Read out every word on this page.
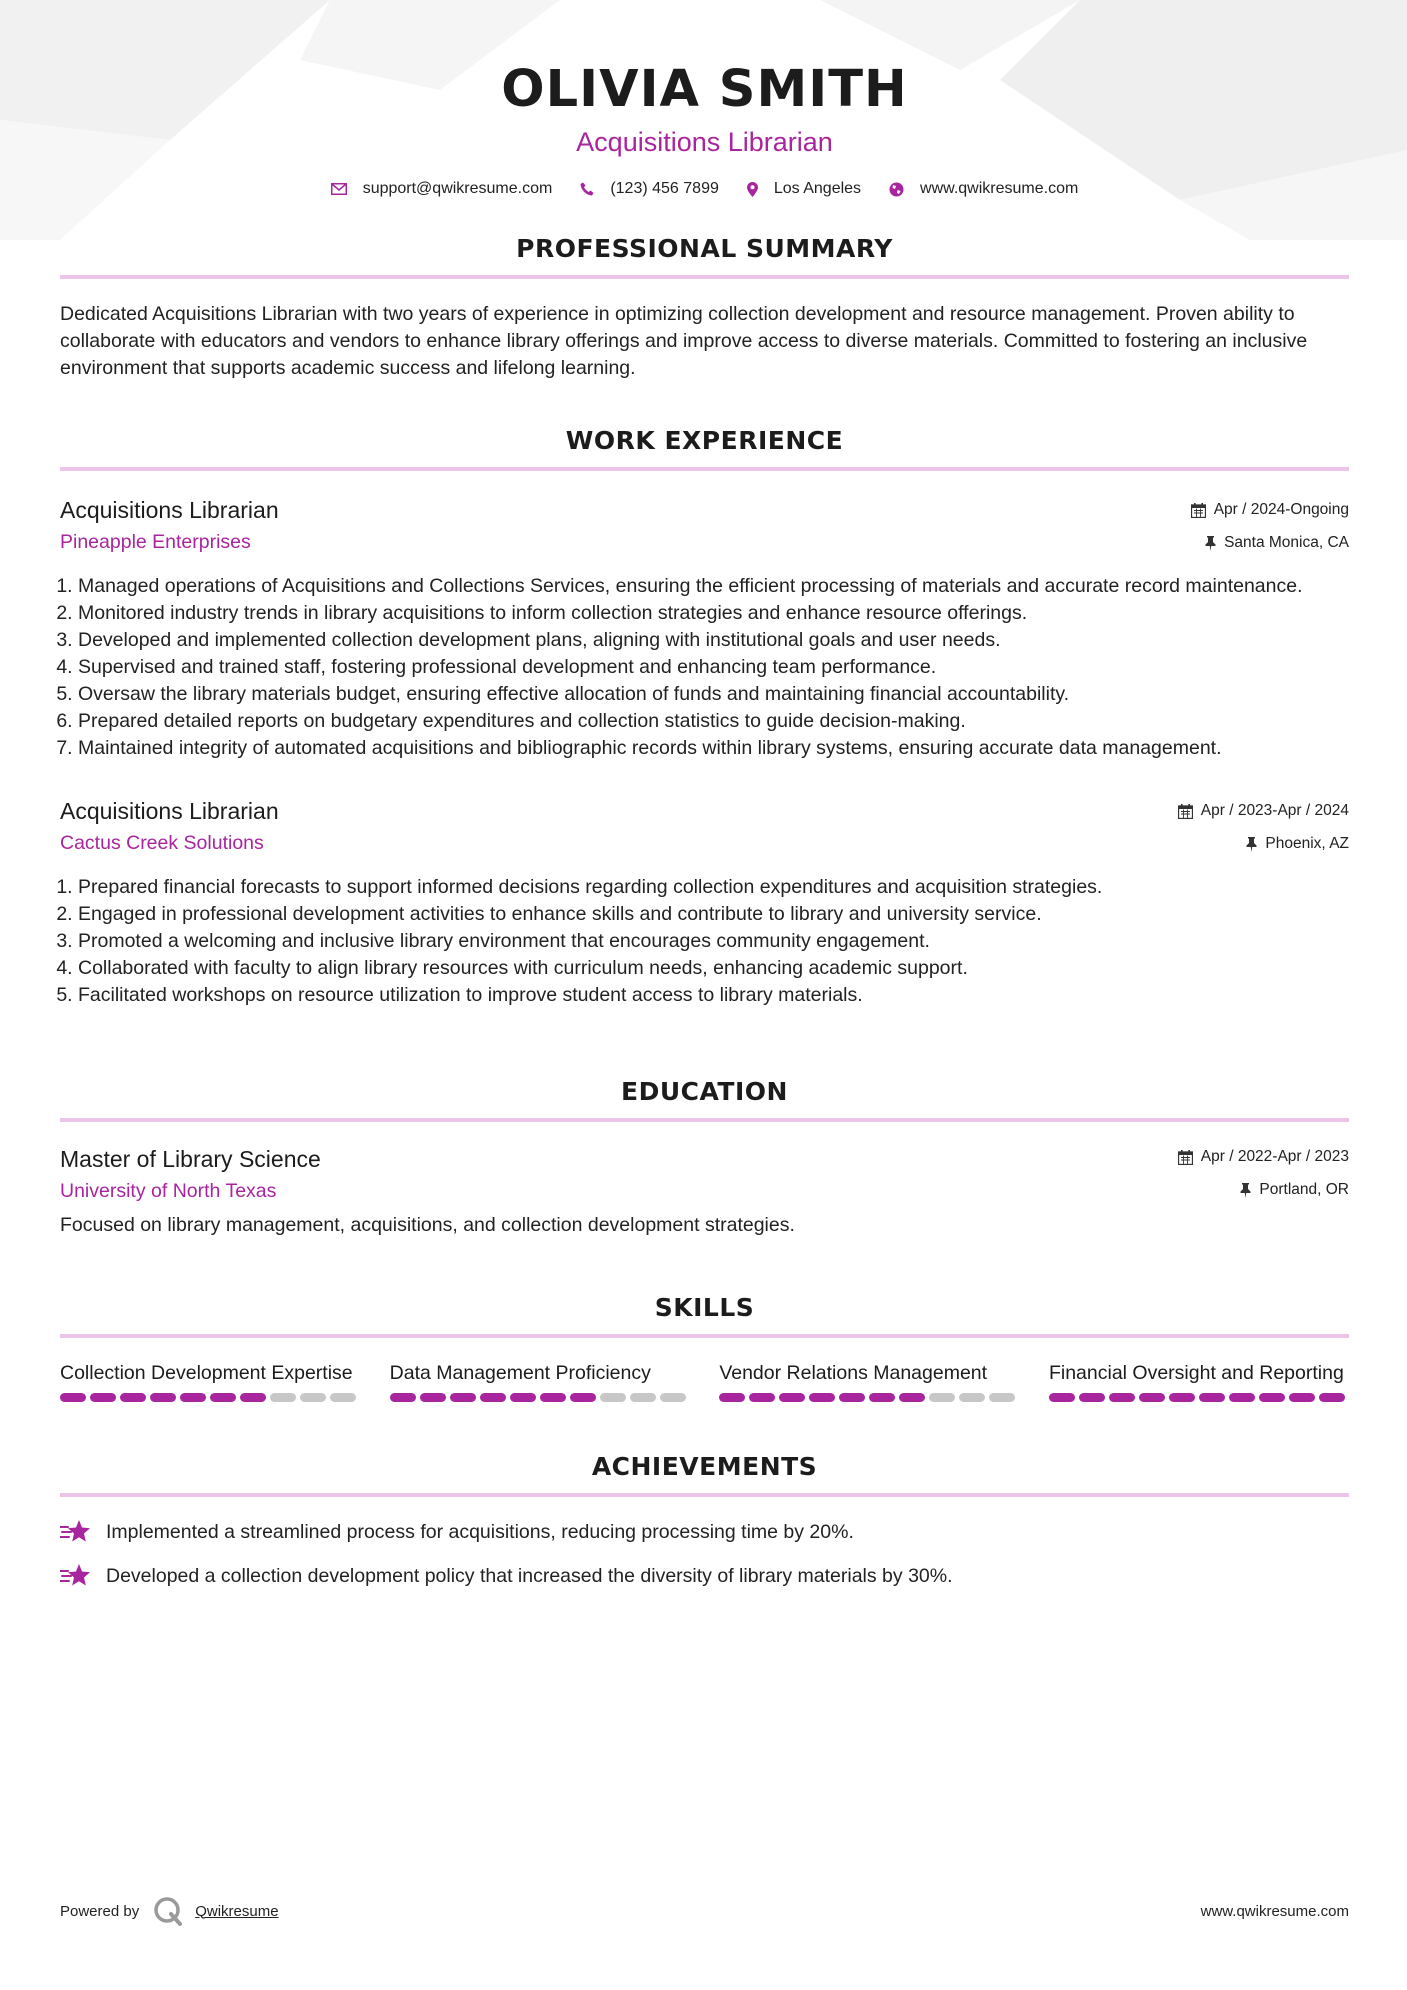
OLIVIA SMITH
Acquisitions Librarian
support@qwikresume.com	(123) 456 7899	Los Angeles	www.qwikresume.com
PROFESSIONAL SUMMARY
Dedicated Acquisitions Librarian with two years of experience in optimizing collection development and resource management. Proven ability to collaborate with educators and vendors to enhance library offerings and improve access to diverse materials. Committed to fostering an inclusive environment that supports academic success and lifelong learning.
WORK EXPERIENCE
Acquisitions Librarian
Pineapple Enterprises
Apr / 2024-Ongoing
Santa Monica, CA
1. Managed operations of Acquisitions and Collections Services, ensuring the efficient processing of materials and accurate record maintenance.
2. Monitored industry trends in library acquisitions to inform collection strategies and enhance resource offerings.
3. Developed and implemented collection development plans, aligning with institutional goals and user needs.
4. Supervised and trained staff, fostering professional development and enhancing team performance.
5. Oversaw the library materials budget, ensuring effective allocation of funds and maintaining financial accountability.
6. Prepared detailed reports on budgetary expenditures and collection statistics to guide decision-making.
7. Maintained integrity of automated acquisitions and bibliographic records within library systems, ensuring accurate data management.
Acquisitions Librarian
Cactus Creek Solutions
Apr / 2023-Apr / 2024
Phoenix, AZ
1. Prepared financial forecasts to support informed decisions regarding collection expenditures and acquisition strategies.
2. Engaged in professional development activities to enhance skills and contribute to library and university service.
3. Promoted a welcoming and inclusive library environment that encourages community engagement.
4. Collaborated with faculty to align library resources with curriculum needs, enhancing academic support.
5. Facilitated workshops on resource utilization to improve student access to library materials.
EDUCATION
Master of Library Science
University of North Texas
Apr / 2022-Apr / 2023
Portland, OR
Focused on library management, acquisitions, and collection development strategies.
SKILLS
Collection Development Expertise	Data Management Proficiency	Vendor Relations Management	Financial Oversight and Reporting
ACHIEVEMENTS
Implemented a streamlined process for acquisitions, reducing processing time by 20%.
Developed a collection development policy that increased the diversity of library materials by 30%.
Powered by	Qwikresume	www.qwikresume.com
